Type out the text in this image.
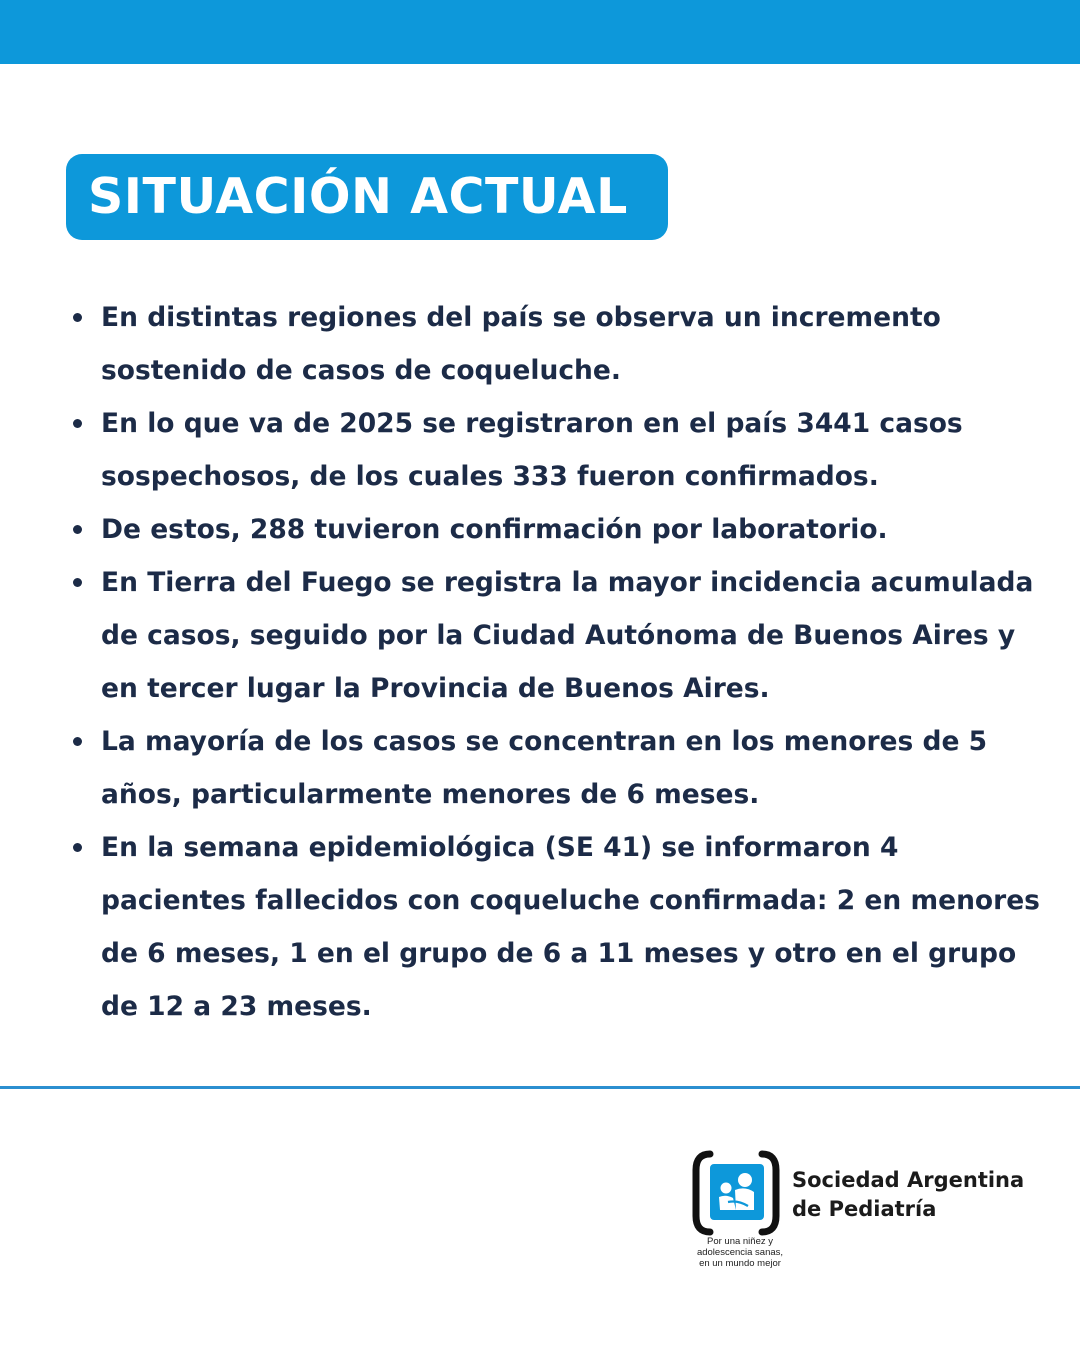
SITUACIÓN ACTUAL
En distintas regiones del país se observa un incremento
sostenido de casos de coqueluche.
En lo que va de 2025 se registraron en el país 3441 casos
sospechosos, de los cuales 333 fueron confirmados.
De estos, 288 tuvieron confirmación por laboratorio.
En Tierra del Fuego se registra la mayor incidencia acumulada
de casos, seguido por la Ciudad Autónoma de Buenos Aires y
en tercer lugar la Provincia de Buenos Aires.
La mayoría de los casos se concentran en los menores de 5
años, particularmente menores de 6 meses.
En la semana epidemiológica (SE 41) se informaron 4
pacientes fallecidos con coqueluche confirmada: 2 en menores
de 6 meses, 1 en el grupo de 6 a 11 meses y otro en el grupo
de 12 a 23 meses.
Sociedad Argentina
de Pediatría
Por una niñez y
adolescencia sanas,
en un mundo mejor
